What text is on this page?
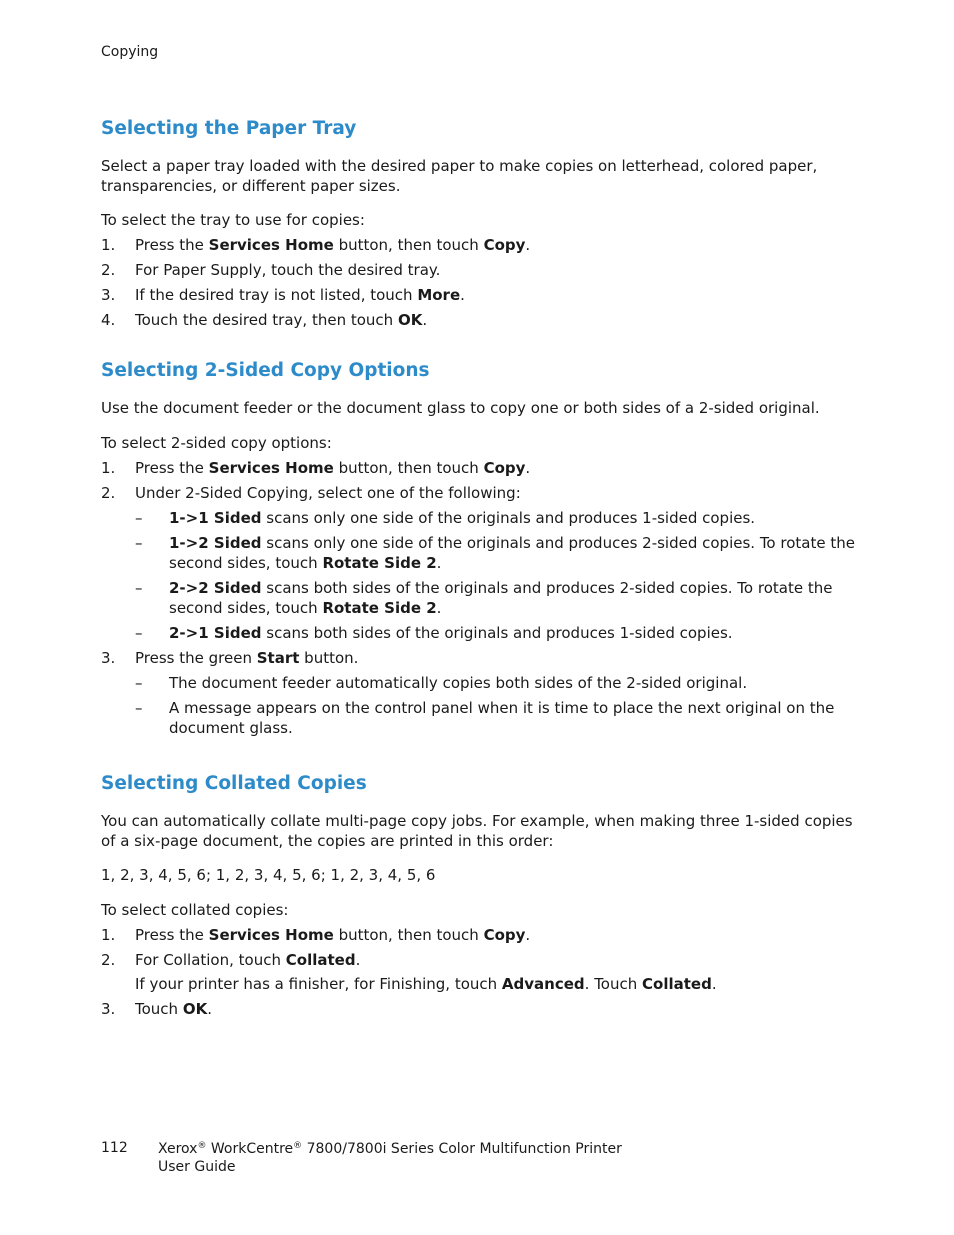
Copying
Selecting the Paper Tray
Select a paper tray loaded with the desired paper to make copies on letterhead, colored paper, transparencies, or different paper sizes.
To select the tray to use for copies:
1. Press the Services Home button, then touch Copy.
2. For Paper Supply, touch the desired tray.
3. If the desired tray is not listed, touch More.
4. Touch the desired tray, then touch OK.
Selecting 2-Sided Copy Options
Use the document feeder or the document glass to copy one or both sides of a 2-sided original.
To select 2-sided copy options:
1. Press the Services Home button, then touch Copy.
2. Under 2-Sided Copying, select one of the following:
– 1->1 Sided scans only one side of the originals and produces 1-sided copies.
– 1->2 Sided scans only one side of the originals and produces 2-sided copies. To rotate the second sides, touch Rotate Side 2.
– 2->2 Sided scans both sides of the originals and produces 2-sided copies. To rotate the second sides, touch Rotate Side 2.
– 2->1 Sided scans both sides of the originals and produces 1-sided copies.
3. Press the green Start button.
– The document feeder automatically copies both sides of the 2-sided original.
– A message appears on the control panel when it is time to place the next original on the document glass.
Selecting Collated Copies
You can automatically collate multi-page copy jobs. For example, when making three 1-sided copies of a six-page document, the copies are printed in this order:
1, 2, 3, 4, 5, 6; 1, 2, 3, 4, 5, 6; 1, 2, 3, 4, 5, 6
To select collated copies:
1. Press the Services Home button, then touch Copy.
2. For Collation, touch Collated.
If your printer has a finisher, for Finishing, touch Advanced. Touch Collated.
3. Touch OK.
112 Xerox® WorkCentre® 7800/7800i Series Color Multifunction Printer
User Guide
